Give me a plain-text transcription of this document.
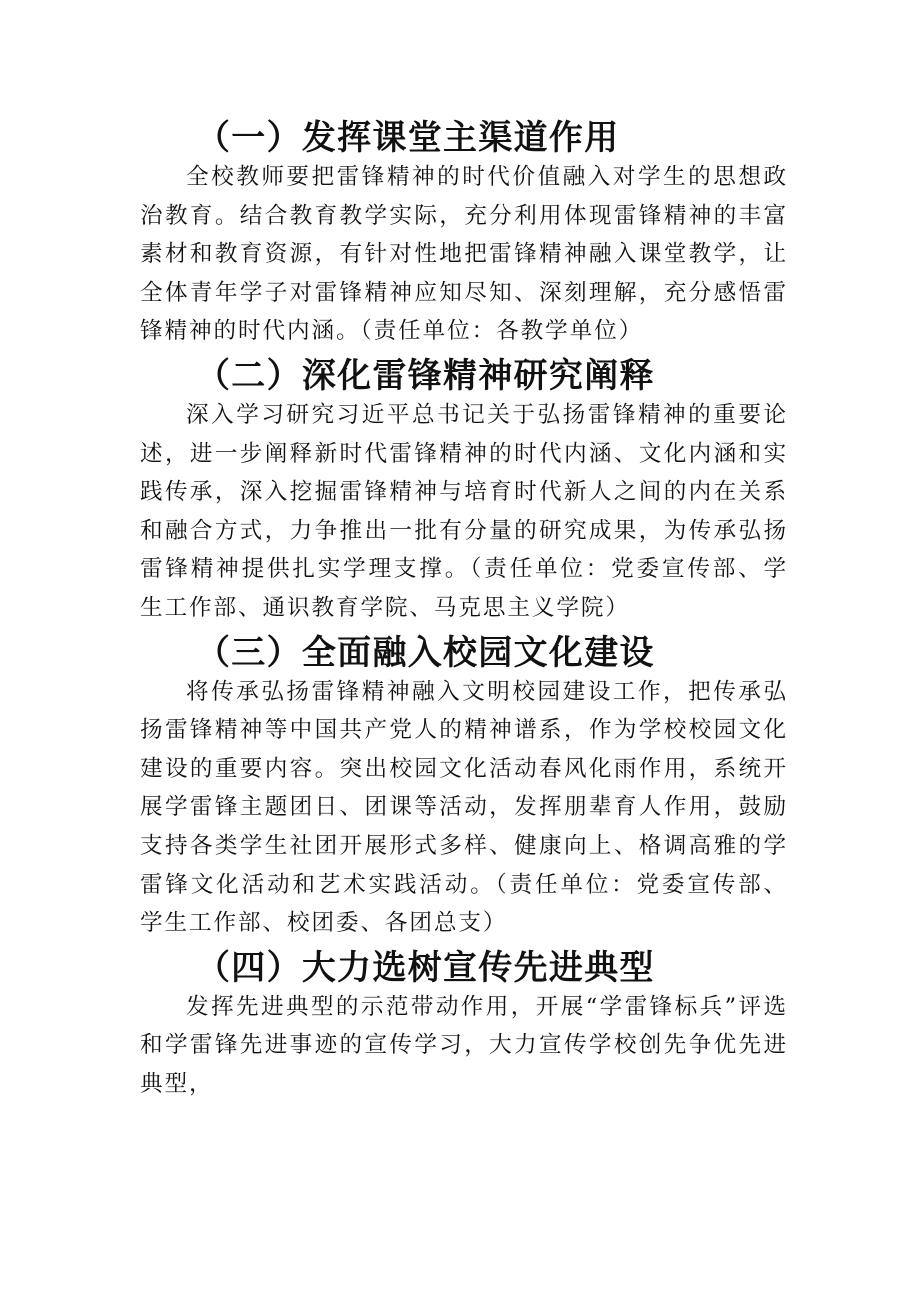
（一）发挥课堂主渠道作用

全校教师要把雷锋精神的时代价值融入对学生的思想政治教育。结合教育教学实际，充分利用体现雷锋精神的丰富素材和教育资源，有针对性地把雷锋精神融入课堂教学，让全体青年学子对雷锋精神应知尽知、深刻理解，充分感悟雷锋精神的时代内涵。（责任单位：各教学单位）

（二）深化雷锋精神研究阐释

深入学习研究习近平总书记关于弘扬雷锋精神的重要论述，进一步阐释新时代雷锋精神的时代内涵、文化内涵和实践传承，深入挖掘雷锋精神与培育时代新人之间的内在关系和融合方式，力争推出一批有分量的研究成果，为传承弘扬雷锋精神提供扎实学理支撑。（责任单位：党委宣传部、学生工作部、通识教育学院、马克思主义学院）

（三）全面融入校园文化建设

将传承弘扬雷锋精神融入文明校园建设工作，把传承弘扬雷锋精神等中国共产党人的精神谱系，作为学校校园文化建设的重要内容。突出校园文化活动春风化雨作用，系统开展学雷锋主题团日、团课等活动，发挥朋辈育人作用，鼓励支持各类学生社团开展形式多样、健康向上、格调高雅的学雷锋文化活动和艺术实践活动。（责任单位：党委宣传部、学生工作部、校团委、各团总支）

（四）大力选树宣传先进典型

发挥先进典型的示范带动作用，开展“学雷锋标兵”评选和学雷锋先进事迹的宣传学习，大力宣传学校创先争优先进典型，
